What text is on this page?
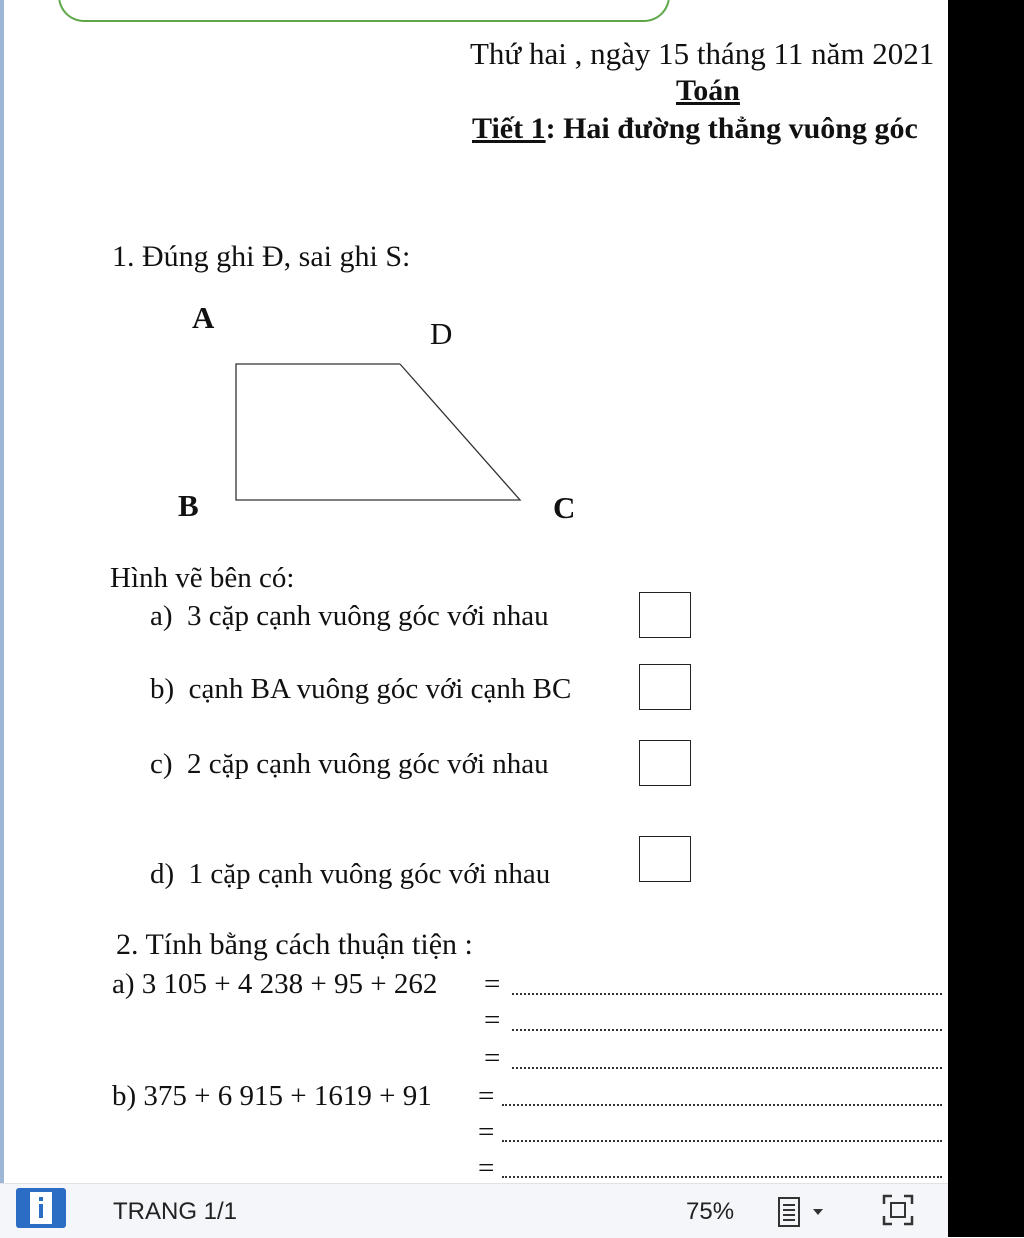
Thứ hai , ngày 15 tháng 11 năm 2021
Toán
Tiết 1: Hai đường thẳng vuông góc
1. Đúng ghi Đ, sai ghi S:
A	D
B	C
Hình vẽ bên có:
a) 3 cặp cạnh vuông góc với nhau
b) cạnh BA vuông góc với cạnh BC
c) 2 cặp cạnh vuông góc với nhau
d) 1 cặp cạnh vuông góc với nhau
2. Tính bằng cách thuận tiện :
a) 3 105 + 4 238 + 95 + 262 =
=
=
b) 375 + 6 915 + 1619 + 91 =
=
=
TRANG 1/1	75%
